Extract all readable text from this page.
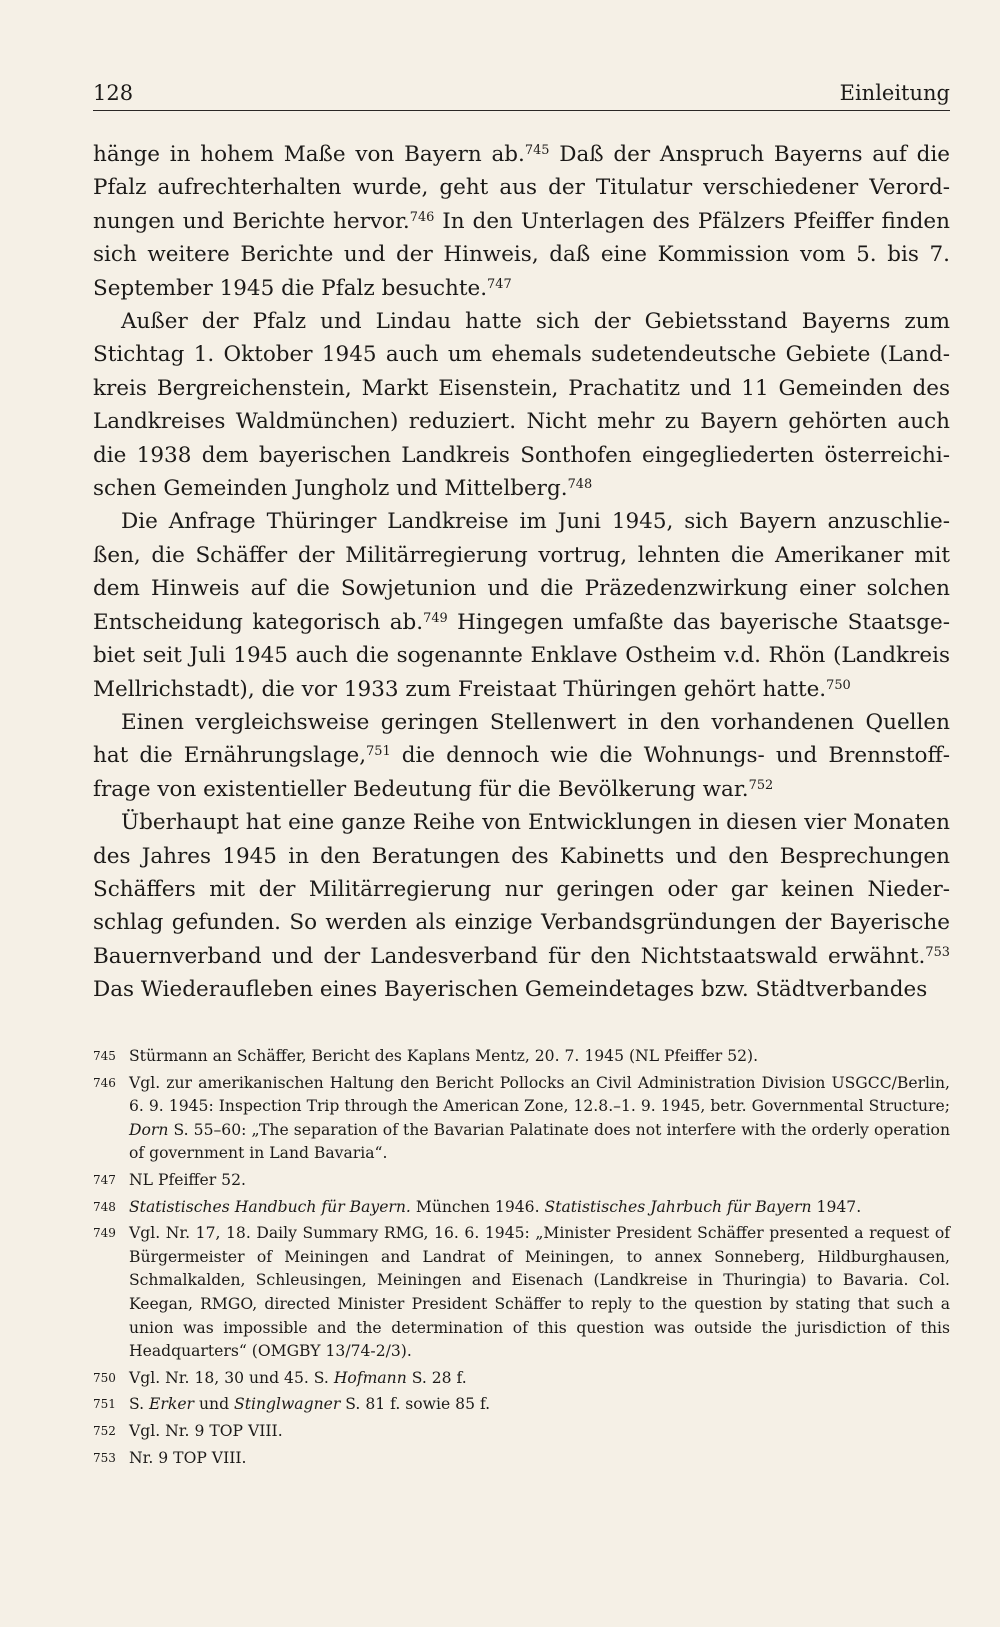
128	Einleitung

hänge in hohem Maße von Bayern ab.$^{745}$ Daß der Anspruch Bayerns auf die Pfalz aufrechterhalten wurde, geht aus der Titulatur verschiedener Verordnungen und Berichte hervor.$^{746}$ In den Unterlagen des Pfälzers Pfeiffer finden sich weitere Berichte und der Hinweis, daß eine Kommission vom 5. bis 7. September 1945 die Pfalz besuchte.$^{747}$

Außer der Pfalz und Lindau hatte sich der Gebietsstand Bayerns zum Stichtag 1. Oktober 1945 auch um ehemals sudetendeutsche Gebiete (Landkreis Bergreichenstein, Markt Eisenstein, Prachatitz und 11 Gemeinden des Landkreises Waldmünchen) reduziert. Nicht mehr zu Bayern gehörten auch die 1938 dem bayerischen Landkreis Sonthofen eingegliederten österreichischen Gemeinden Jungholz und Mittelberg.$^{748}$

Die Anfrage Thüringer Landkreise im Juni 1945, sich Bayern anzuschließen, die Schäffer der Militärregierung vortrug, lehnten die Amerikaner mit dem Hinweis auf die Sowjetunion und die Präzedenzwirkung einer solchen Entscheidung kategorisch ab.$^{749}$ Hingegen umfaßte das bayerische Staatsgebiet seit Juli 1945 auch die sogenannte Enklave Ostheim v.d. Rhön (Landkreis Mellrichstadt), die vor 1933 zum Freistaat Thüringen gehört hatte.$^{750}$

Einen vergleichsweise geringen Stellenwert in den vorhandenen Quellen hat die Ernährungslage,$^{751}$ die dennoch wie die Wohnungs- und Brennstofffrage von existentieller Bedeutung für die Bevölkerung war.$^{752}$

Überhaupt hat eine ganze Reihe von Entwicklungen in diesen vier Monaten des Jahres 1945 in den Beratungen des Kabinetts und den Besprechungen Schäffers mit der Militärregierung nur geringen oder gar keinen Niederschlag gefunden. So werden als einzige Verbandsgründungen der Bayerische Bauernverband und der Landesverband für den Nichtstaatswald erwähnt.$^{753}$ Das Wiederaufleben eines Bayerischen Gemeindetages bzw. Städtverbandes

745 Stürmann an Schäffer, Bericht des Kaplans Mentz, 20. 7. 1945 (NL Pfeiffer 52).
746 Vgl. zur amerikanischen Haltung den Bericht Pollocks an Civil Administration Division USGCC/Berlin, 6. 9. 1945: Inspection Trip through the American Zone, 12.8.–1. 9. 1945, betr. Governmental Structure; Dorn S. 55–60: „The separation of the Bavarian Palatinate does not interfere with the orderly operation of government in Land Bavaria“.
747 NL Pfeiffer 52.
748 Statistisches Handbuch für Bayern. München 1946. Statistisches Jahrbuch für Bayern 1947.
749 Vgl. Nr. 17, 18. Daily Summary RMG, 16. 6. 1945: „Minister President Schäffer presented a request of Bürgermeister of Meiningen and Landrat of Meiningen, to annex Sonneberg, Hildburghausen, Schmalkalden, Schleusingen, Meiningen and Eisenach (Landkreise in Thuringia) to Bavaria. Col. Keegan, RMGO, directed Minister President Schäffer to reply to the question by stating that such a union was impossible and the determination of this question was outside the jurisdiction of this Headquarters“ (OMGBY 13/74-2/3).
750 Vgl. Nr. 18, 30 und 45. S. Hofmann S. 28 f.
751 S. Erker und Stinglwagner S. 81 f. sowie 85 f.
752 Vgl. Nr. 9 TOP VIII.
753 Nr. 9 TOP VIII.
